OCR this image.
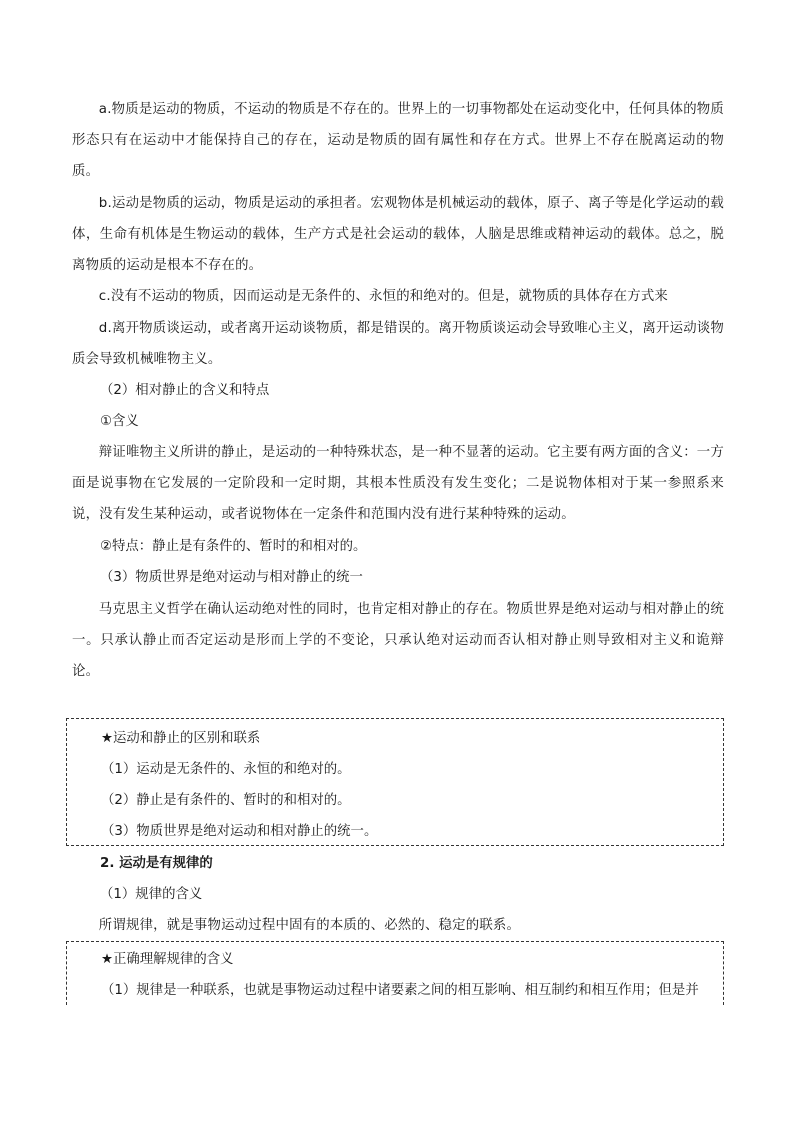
a.物质是运动的物质，不运动的物质是不存在的。世界上的一切事物都处在运动变化中，任何具体的物质形态只有在运动中才能保持自己的存在，运动是物质的固有属性和存在方式。世界上不存在脱离运动的物质。

b.运动是物质的运动，物质是运动的承担者。宏观物体是机械运动的载体，原子、离子等是化学运动的载体，生命有机体是生物运动的载体，生产方式是社会运动的载体，人脑是思维或精神运动的载体。总之，脱离物质的运动是根本不存在的。

c.没有不运动的物质，因而运动是无条件的、永恒的和绝对的。但是，就物质的具体存在方式来

d.离开物质谈运动，或者离开运动谈物质，都是错误的。离开物质谈运动会导致唯心主义，离开运动谈物质会导致机械唯物主义。

（2）相对静止的含义和特点

①含义

辩证唯物主义所讲的静止，是运动的一种特殊状态，是一种不显著的运动。它主要有两方面的含义：一方面是说事物在它发展的一定阶段和一定时期，其根本性质没有发生变化；二是说物体相对于某一参照系来说，没有发生某种运动，或者说物体在一定条件和范围内没有进行某种特殊的运动。

②特点：静止是有条件的、暂时的和相对的。

（3）物质世界是绝对运动与相对静止的统一

马克思主义哲学在确认运动绝对性的同时，也肯定相对静止的存在。物质世界是绝对运动与相对静止的统一。只承认静止而否定运动是形而上学的不变论，只承认绝对运动而否认相对静止则导致相对主义和诡辩论。

★运动和静止的区别和联系

（1）运动是无条件的、永恒的和绝对的。

（2）静止是有条件的、暂时的和相对的。

（3）物质世界是绝对运动和相对静止的统一。

2. 运动是有规律的

（1）规律的含义

所谓规律，就是事物运动过程中固有的本质的、必然的、稳定的联系。

★正确理解规律的含义

（1）规律是一种联系，也就是事物运动过程中诸要素之间的相互影响、相互制约和相互作用；但是并
